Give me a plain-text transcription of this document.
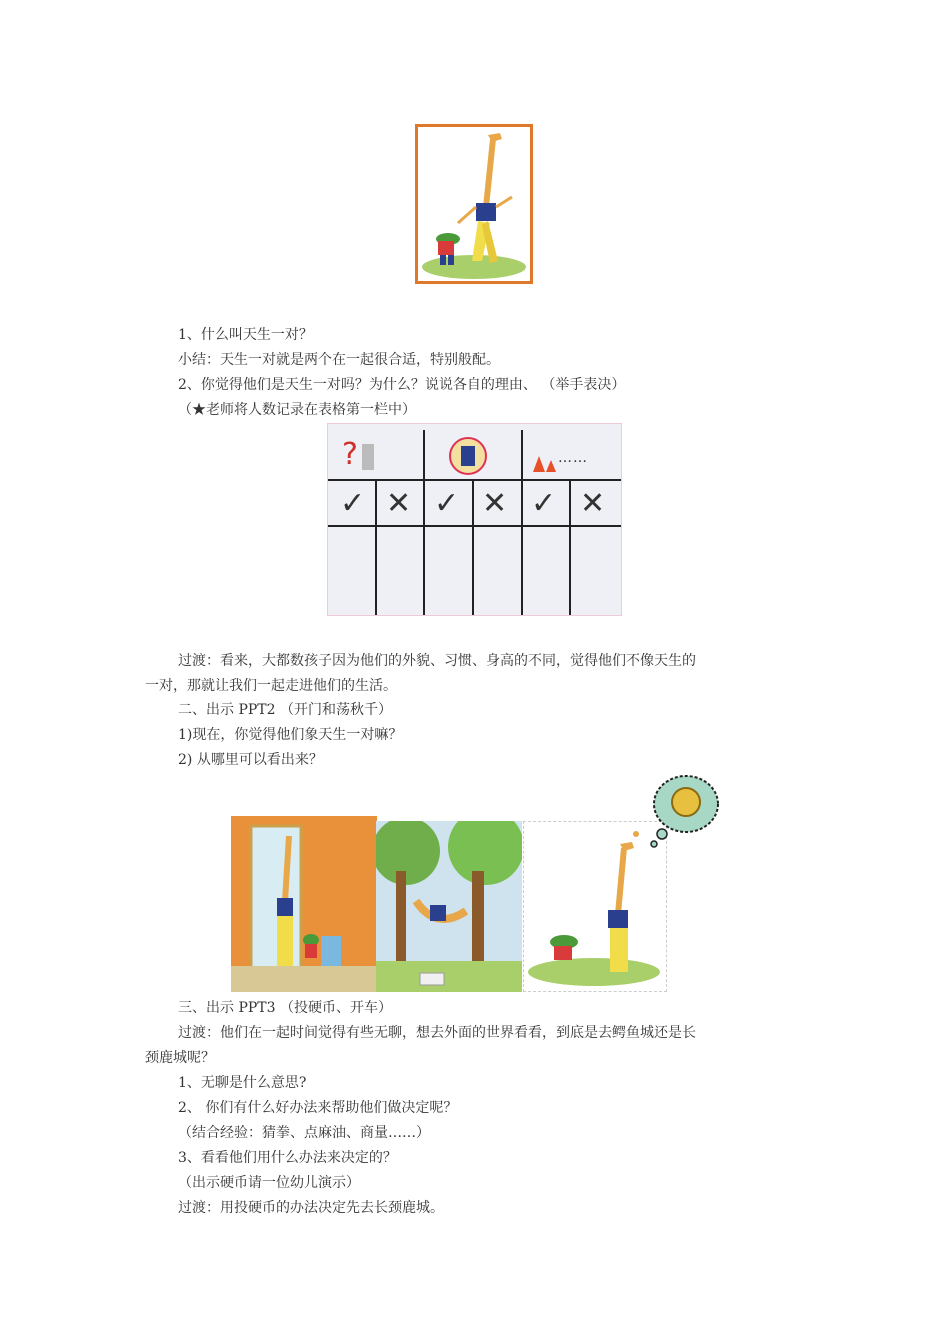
1、什么叫天生一对？
小结：天生一对就是两个在一起很合适，特别般配。
2、你觉得他们是天生一对吗？为什么？说说各自的理由、 （举手表决）
（★老师将人数记录在表格第一栏中）
?	……
✓ ✕ ✓ ✕ ✓ ✕
过渡：看来，大都数孩子因为他们的外貌、习惯、身高的不同，觉得他们不像天生的
一对，那就让我们一起走进他们的生活。
二、出示 PPT2 （开门和荡秋千）
1)现在，你觉得他们象天生一对嘛？
2) 从哪里可以看出来？
三、出示 PPT3 （投硬币、开车）
过渡：他们在一起时间觉得有些无聊，想去外面的世界看看，到底是去鳄鱼城还是长
颈鹿城呢？
1、无聊是什么意思?
2、 你们有什么好办法来帮助他们做决定呢？
（结合经验：猜拳、点麻油、商量……）
3、看看他们用什么办法来决定的？
（出示硬币请一位幼儿演示）
过渡：用投硬币的办法决定先去长颈鹿城。
